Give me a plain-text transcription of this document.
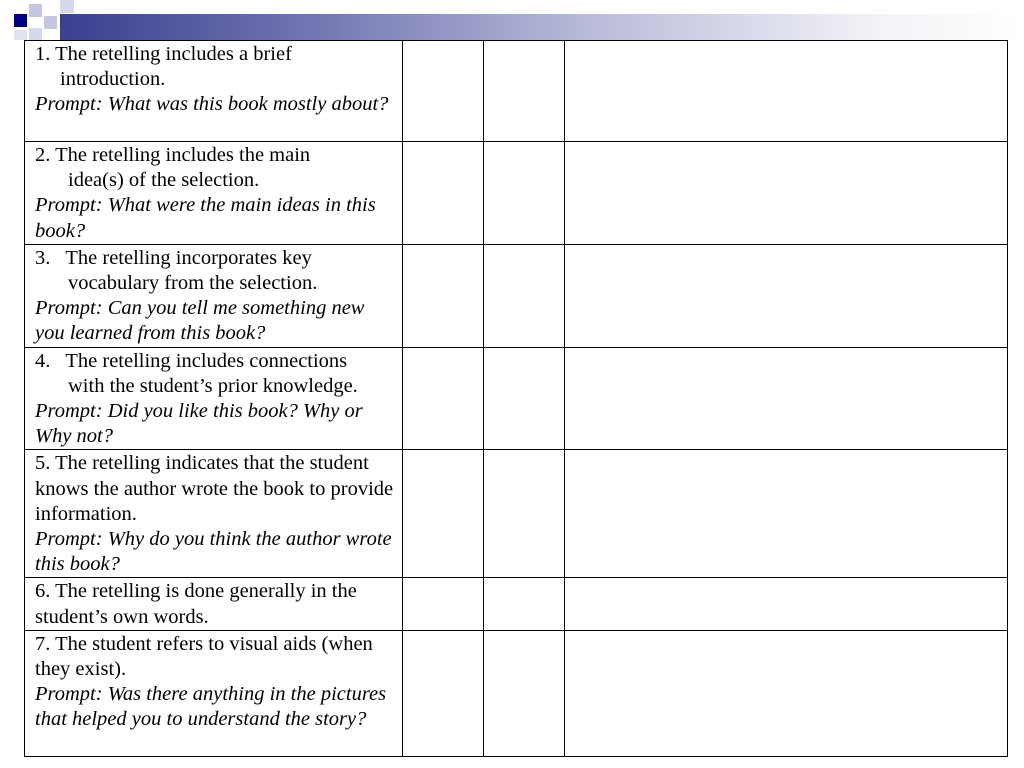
1. The retelling includes a brief
introduction.
Prompt: What was this book mostly about?			

2. The retelling includes the main
idea(s) of the selection.
Prompt: What were the main ideas in this book?			

3.   The retelling incorporates key
vocabulary from the selection.
Prompt: Can you tell me something new you learned from this book?			

4.   The retelling includes connections
with the student’s prior knowledge.
Prompt: Did you like this book? Why or Why not?			

5. The retelling indicates that the student knows the author wrote the book to provide information.
Prompt: Why do you think the author wrote this book?			

6. The retelling is done generally in the student’s own words.			

7. The student refers to visual aids (when they exist).
Prompt: Was there anything in the pictures that helped you to understand the story?			
